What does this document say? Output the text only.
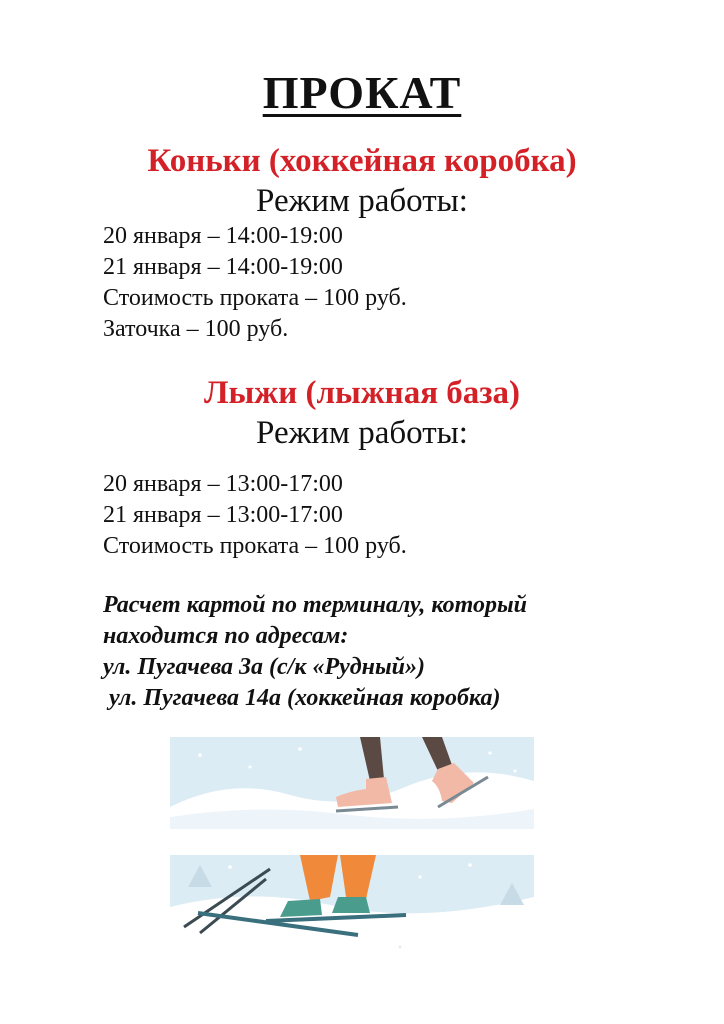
ПРОКАТ
Коньки (хоккейная коробка)
Режим работы:
20 января – 14:00-19:00
21 января – 14:00-19:00
Стоимость проката – 100 руб.
Заточка – 100 руб.
Лыжи (лыжная база)
Режим работы:
20 января – 13:00-17:00
21 января – 13:00-17:00
Стоимость проката – 100 руб.

Расчет картой по терминалу, который
находится по адресам:
ул. Пугачева 3а (с/к «Рудный»)
ул. Пугачева 14а (хоккейная коробка)
